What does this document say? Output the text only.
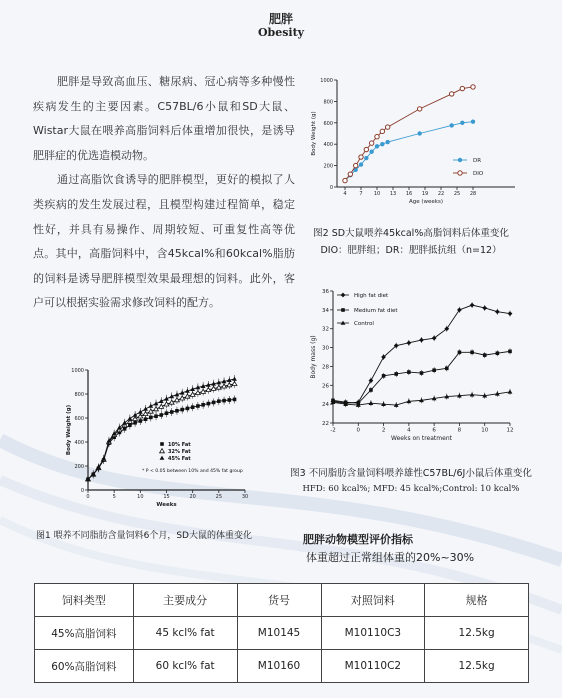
肥胖
Obesity

肥胖是导致高血压、糖尿病、冠心病等多种慢性疾病发生的主要因素。C57BL/6小鼠和SD大鼠、Wistar大鼠在喂养高脂饲料后体重增加很快，是诱导肥胖症的优选造模动物。

通过高脂饮食诱导的肥胖模型，更好的模拟了人类疾病的发生发展过程，且模型构建过程简单，稳定性好，并具有易操作、周期较短、可重复性高等优点。其中，高脂饲料中，含45kcal%和60kcal%脂肪的饲料是诱导肥胖模型效果最理想的饲料。此外，客户可以根据实验需求修改饲料的配方。

0
200
400
600
800
1000
4	7 10 13 16 19 22 25 28
Age (weeks)
Body Weight (g)
DR
DIO
图2 SD大鼠喂养45kcal%高脂饲料后体重变化
DIO：肥胖组；DR：肥胖抵抗组（n=12）
22
24
26
28
30
32
34
36
-2	0	2	4	6	8	10	12
Weeks on treatment
Body mass (g)
High fat diet
Medium fat diet
Control
图3 不同脂肪含量饲料喂养雄性C57BL/6J小鼠后体重变化
HFD: 60 kcal%; MFD: 45 kcal%;Control: 10 kcal%
0
200
400
600
800
1000
0	5	10	15	20	25	30
Weeks
Body Weight (g)	10% Fat
32% Fat
45% Fat
* P < 0.05 between 10% and 45% fat group
图1 喂养不同脂肪含量饲料6个月，SD大鼠的体重变化	肥胖动物模型评价指标
体重超过正常组体重的20%~30%
饲料类型	主要成分	货号	对照饲料	规格
45%高脂饲料	45 kcl% fat	M10145	M10110C3	12.5kg
60%高脂饲料	60 kcl% fat	M10160	M10110C2	12.5kg
